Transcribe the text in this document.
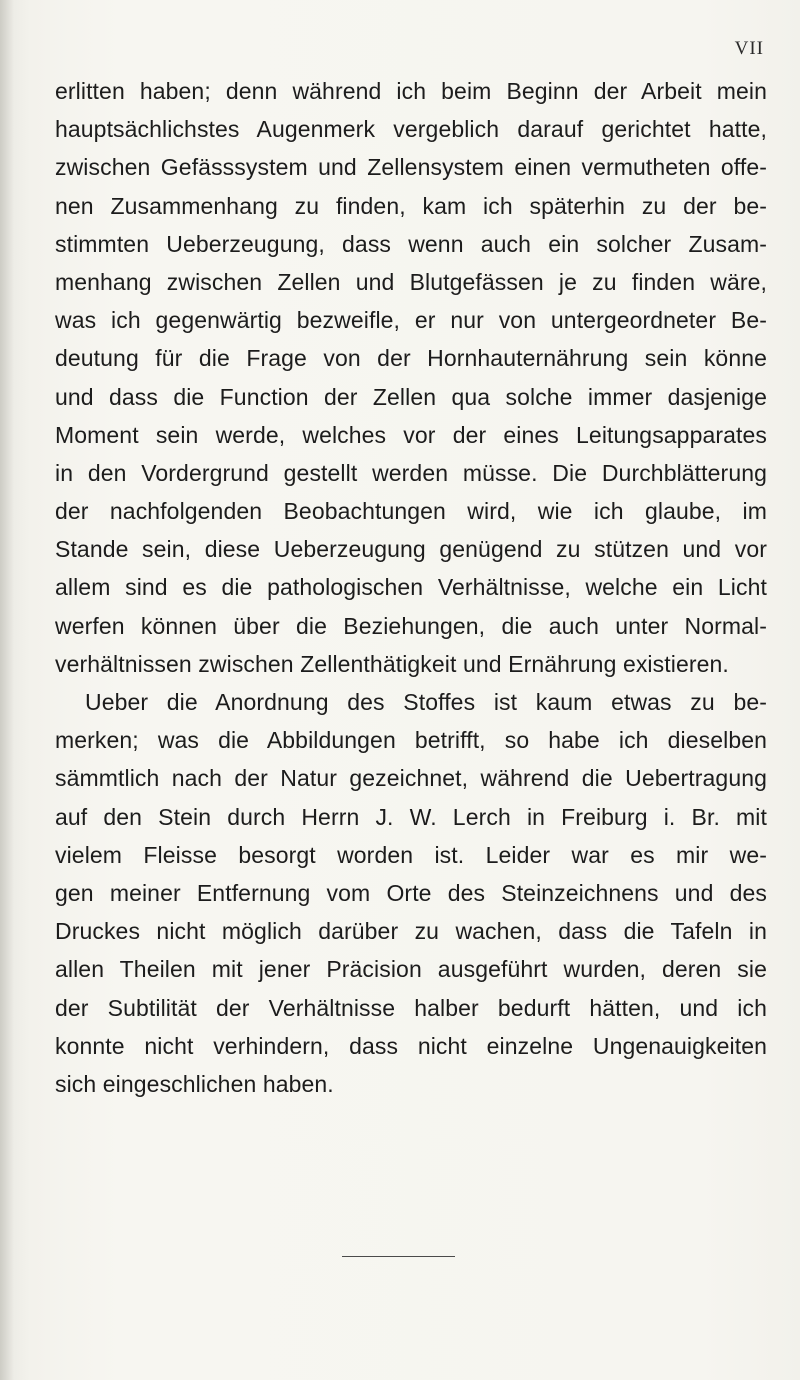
VII
erlitten haben; denn während ich beim Beginn der Arbeit mein
hauptsächlichstes Augenmerk vergeblich darauf gerichtet hatte,
zwischen Gefässsystem und Zellensystem einen vermutheten offe-
nen Zusammenhang zu finden, kam ich späterhin zu der be-
stimmten Ueberzeugung, dass wenn auch ein solcher Zusam-
menhang zwischen Zellen und Blutgefässen je zu finden wäre,
was ich gegenwärtig bezweifle, er nur von untergeordneter Be-
deutung für die Frage von der Hornhauternährung sein könne
und dass die Function der Zellen qua solche immer dasjenige
Moment sein werde, welches vor der eines Leitungsapparates
in den Vordergrund gestellt werden müsse. Die Durchblätterung
der nachfolgenden Beobachtungen wird, wie ich glaube, im
Stande sein, diese Ueberzeugung genügend zu stützen und vor
allem sind es die pathologischen Verhältnisse, welche ein Licht
werfen können über die Beziehungen, die auch unter Normal-
verhältnissen zwischen Zellenthätigkeit und Ernährung existieren.
Ueber die Anordnung des Stoffes ist kaum etwas zu be-
merken; was die Abbildungen betrifft, so habe ich dieselben
sämmtlich nach der Natur gezeichnet, während die Uebertragung
auf den Stein durch Herrn J. W. Lerch in Freiburg i. Br. mit
vielem Fleisse besorgt worden ist. Leider war es mir we-
gen meiner Entfernung vom Orte des Steinzeichnens und des
Druckes nicht möglich darüber zu wachen, dass die Tafeln in
allen Theilen mit jener Präcision ausgeführt wurden, deren sie
der Subtilität der Verhältnisse halber bedurft hätten, und ich
konnte nicht verhindern, dass nicht einzelne Ungenauigkeiten
sich eingeschlichen haben.
